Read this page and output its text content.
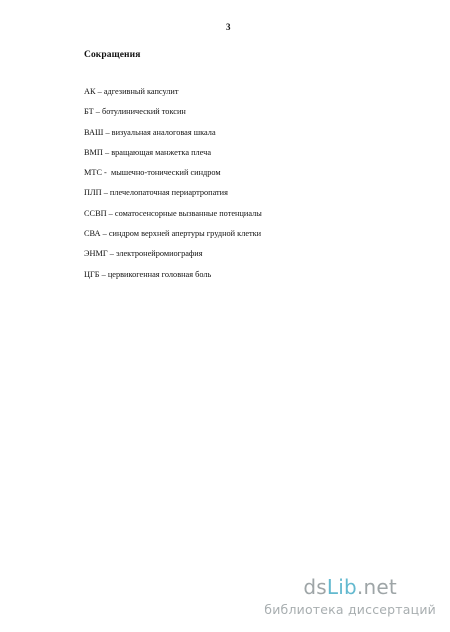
3
Сокращения
АК – адгезивный капсулит
БТ – ботулинический токсин
ВАШ – визуальная аналоговая шкала
ВМП – вращающая манжетка плеча
МТС -  мышечно-тонический синдром
ПЛП – плечелопаточная периартропатия
ССВП – соматосенсорные вызванные потенциалы
СВА – синдром верхней апертуры грудной клетки
ЭНМГ – электронейромиография
ЦГБ – цервикогенная головная боль
dsLib.net
библиотека диссертаций
